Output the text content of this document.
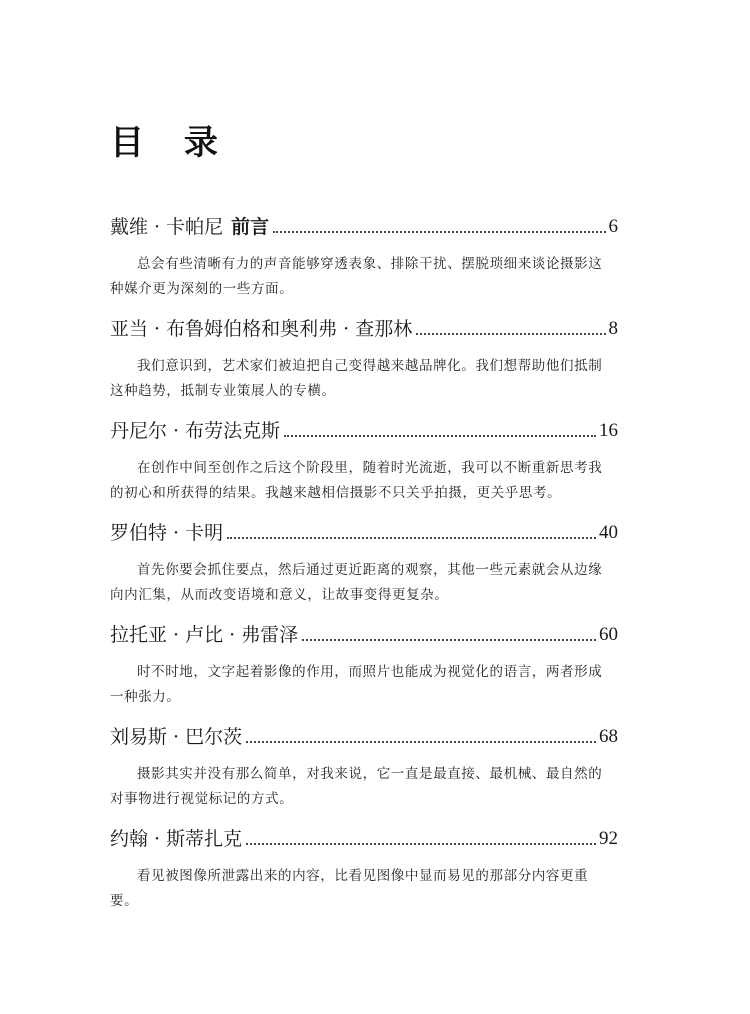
目 录
戴维 · 卡帕尼 前言	6
总会有些清晰有力的声音能够穿透表象、排除干扰、摆脱琐细来谈论摄影这种媒介更为深刻的一些方面。
亚当 · 布鲁姆伯格和奥利弗 · 查那林	8
我们意识到，艺术家们被迫把自己变得越来越品牌化。我们想帮助他们抵制这种趋势，抵制专业策展人的专横。
丹尼尔 · 布劳法克斯	16
在创作中间至创作之后这个阶段里，随着时光流逝，我可以不断重新思考我的初心和所获得的结果。我越来越相信摄影不只关乎拍摄，更关乎思考。
罗伯特 · 卡明	40
首先你要会抓住要点，然后通过更近距离的观察，其他一些元素就会从边缘向内汇集，从而改变语境和意义，让故事变得更复杂。
拉托亚 · 卢比 · 弗雷泽	60
时不时地，文字起着影像的作用，而照片也能成为视觉化的语言，两者形成一种张力。
刘易斯 · 巴尔茨	68
摄影其实并没有那么简单，对我来说，它一直是最直接、最机械、最自然的对事物进行视觉标记的方式。
约翰 · 斯蒂扎克	92
看见被图像所泄露出来的内容，比看见图像中显而易见的那部分内容更重要。
